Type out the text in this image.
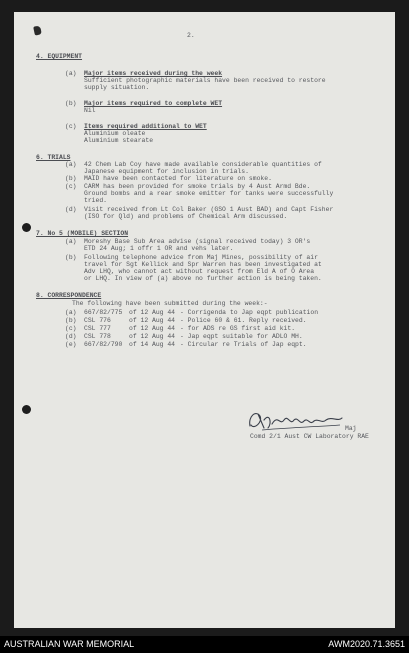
2.
4. EQUIPMENT
(a) Major items received during the week
Sufficient photographic materials have been received to restore
supply situation.
(b) Major items required to complete WET
Nil
(c) Items required additional to WET
Aluminium oleate
Aluminium stearate
6. TRIALS
(a) 42 Chem Lab Coy have made available considerable quantities of
Japanese equipment for inclusion in trials.
(b) MAID have been contacted for literature on smoke.
(c) CARM has been provided for smoke trials by 4 Aust Armd Bde.
Ground bombs and a rear smoke emitter for tanks were successfully
tried.
(d) Visit received from Lt Col Baker (GSO 1 Aust BAD) and Capt Fisher
(ISO for Qld) and problems of Chemical Arm discussed.
7. No 5 (MOBILE) SECTION
(a) Moreshy Base Sub Area advise (signal received today) 3 OR's
ETD 24 Aug; 1 offr 1 OR and vehs later.
(b) Following telephone advice from Maj Mines, possibility of air
travel for Sgt Kellick and Spr Warren has been investigated at
Adv LHQ, who cannot act without request from Eld A of O Area
or LHQ. In view of (a) above no further action is being taken.
8. CORRESPONDENCE
The following have been submitted during the week:-
(a) 667/82/775 of 12 Aug 44 - Corrigenda to Jap eqpt publication
(b) CSL 776	of 12 Aug 44 - Police 60 & 61. Reply received.
(c) CSL 777	of 12 Aug 44 - for ADS re GS first aid kit.
(d) CSL 778	of 12 Aug 44 - Jap eqpt suitable for ADLO MH.
(e) 667/82/790 of 14 Aug 44 - Circular re Trials of Jap eqpt.
Maj
Comd 2/1 Aust CW Laboratory RAE
AUSTRALIAN WAR MEMORIAL	AWM2020.71.3651
